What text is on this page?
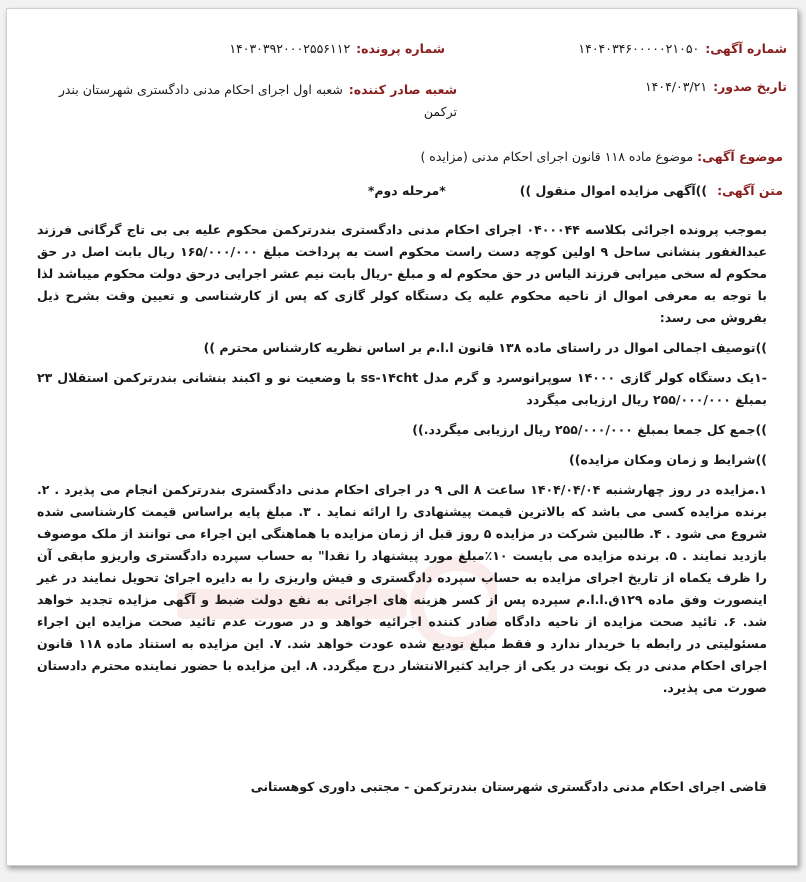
شماره آگهی:۱۴۰۴۰۳۴۶۰۰۰۰۰۲۱۰۵۰
شماره پرونده:۱۴۰۳۰۳۹۲۰۰۰۲۵۵۶۱۱۲
تاریخ صدور:۱۴۰۴/۰۳/۲۱
شعبه صادر کننده:شعبه اول اجرای احکام مدنی دادگستری شهرستان بندر
ترکمن
موضوع آگهی: موضوع ماده ۱۱۸ قانون اجرای احکام مدنی (مزایده )
متن آگهی: ))آگهی مزایده اموال منقول )) *مرحله دوم*

بموجب پرونده اجرائی بکلاسه ۰۴۰۰۰۴۴ اجرای احکام مدنی دادگستری بندرترکمن محکوم علیه بی بی تاج گرگانی فرزند عبدالغفور بنشانی ساحل ۹ اولین کوچه دست راست محکوم است به پرداخت مبلغ ۱۶۵/۰۰۰/۰۰۰ ریال بابت اصل در حق محکوم له سخی میرابی فرزند الیاس در حق محکوم له و مبلغ -ریال بابت نیم عشر اجرایی درحق دولت محکوم میباشد لذا با توجه به معرفی اموال از ناحیه محکوم علیه یک دستگاه کولر گازی که پس از کارشناسی و تعیین وقت بشرح ذیل بفروش می رسد:

))توصیف اجمالی اموال در راستای ماده ۱۳۸ قانون ا.ا.م بر اساس نظریه کارشناس محترم ))

-۱یک دستگاه کولر گازی ۱۴۰۰۰ سوپرانوسرد و گرم مدل ss-۱۴cht با وضعیت نو و اکبند بنشانی بندرترکمن استقلال ۲۳ بمبلغ ۲۵۵/۰۰۰/۰۰۰ ریال ارزیابی میگردد

))جمع کل جمعا بمبلغ ۲۵۵/۰۰۰/۰۰۰ ریال ارزیابی میگردد.))

))شرایط و زمان ومکان مزایده))

۱.مزایده در روز چهارشنبه ۱۴۰۴/۰۴/۰۴ ساعت ۸ الی ۹ در اجرای احکام مدنی دادگستری بندرترکمن انجام می پذیرد . ۲. برنده مزایده کسی می باشد که بالاترین قیمت پیشنهادی را ارائه نماید . ۳. مبلغ پایه براساس قیمت کارشناسی شده شروع می شود . ۴. طالبین شرکت در مزایده ۵ روز قبل از زمان مزایده با هماهنگی این اجراء می توانند از ملک موصوف بازدید نمایند . ۵. برنده مزایده می بایست ۱۰٪مبلغ مورد پیشنهاد را نقدا" به حساب سپرده دادگستری واریزو مابقی آن را ظرف یکماه از تاریخ اجرای مزایده به حساب سپرده دادگستری و فیش واریزی را به دایره اجرائ تحویل نمایند در غیر اینصورت وفق ماده ۱۲۹ق.ا.ا.م سپرده پس از کسر هزینه های اجرائی به نفع دولت ضبط و آگهی مزایده تجدید خواهد شد. ۶. تائید صحت مزایده از ناحیه دادگاه صادر کننده اجرائیه خواهد و در صورت عدم تائید صحت مزایده این اجراء مسئولیتی در رابطه با خریدار ندارد و فقط مبلغ تودیع شده عودت خواهد شد. ۷. این مزایده به استناد ماده ۱۱۸ قانون اجرای احکام مدنی در یک نوبت در یکی از جراید کثیرالانتشار درج میگردد. ۸. این مزایده با حضور نماینده محترم دادستان صورت می پذیرد.

قاضی اجرای احکام مدنی دادگستری شهرستان بندرترکمن - مجتبی داوری کوهستانی
